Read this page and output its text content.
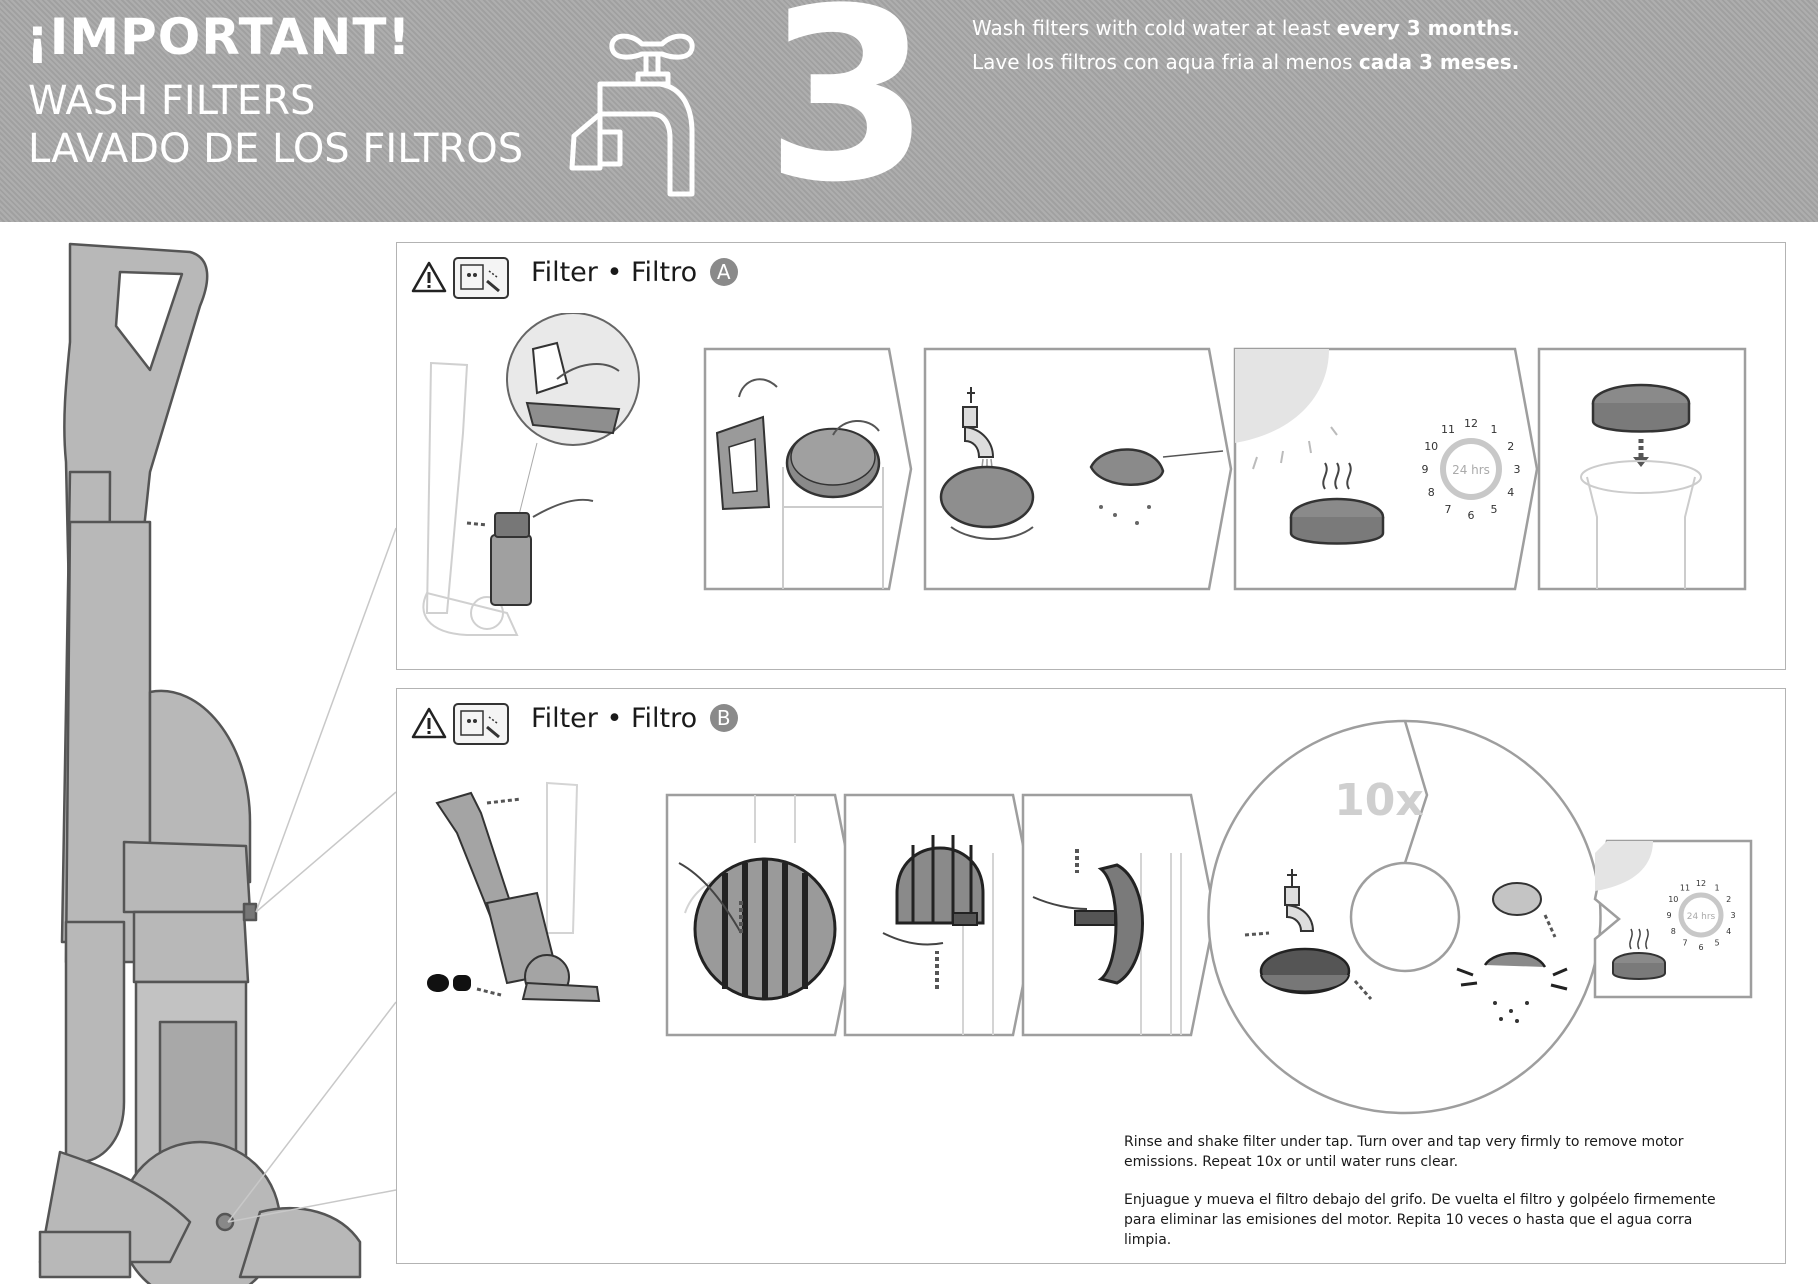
¡IMPORTANT!
WASH FILTERS
LAVADO DE LOS FILTROS 3 Wash filters with cold water at least every 3 months.
Lave los filtros con aqua fria al menos cada 3 meses.
Filter • Filtro A
24 hrs
12 1
2
3
4
5
6
7
8
9
10
11
Filter • Filtro B
10x
24 hrs
12 1
2
3
4
5
6
7
8
9
10
11

Rinse and shake filter under tap. Turn over and tap very firmly to remove motor emissions. Repeat 10x or until water runs clear.

Enjuague y mueva el filtro debajo del grifo. De vuelta el filtro y golpéelo firmemente para eliminar las emisiones del motor. Repita 10 veces o hasta que el agua corra limpia.
